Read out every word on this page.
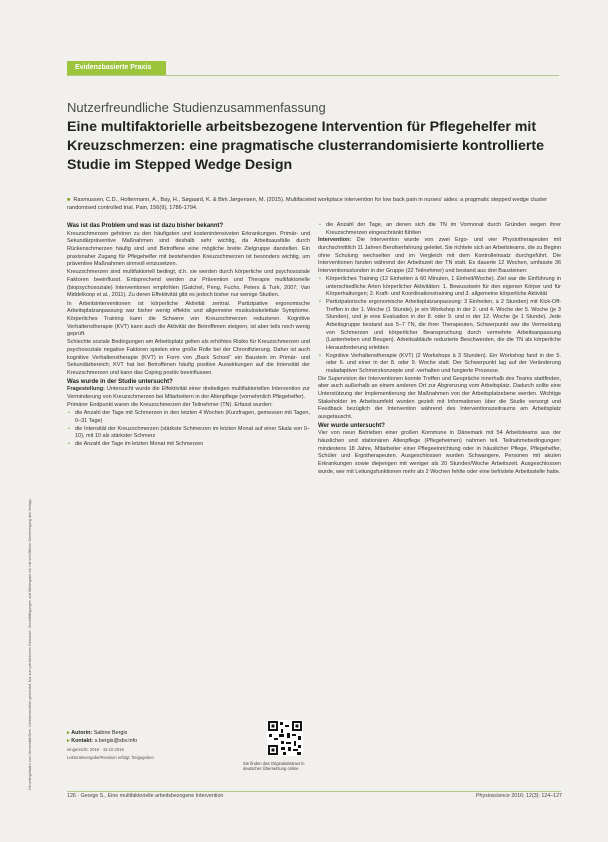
Heruntergeladen von: Universität Bern. Urheberrechtlich geschützt. Nur zum persönlichen Gebrauch. Vervielfältigungen und Weitergabe nur mit schriftlicher Genehmigung des Verlags.
Evidenzbasierte Praxis
Nutzerfreundliche Studienzusammenfassung
Eine multifaktorielle arbeitsbezogene Intervention für Pflegehelfer mit Kreuzschmerzen: eine pragmatische clusterrandomisierte kontrollierte Studie im Stepped Wedge Design
■ Rasmussen, C.D., Holtermann, A., Bay, H., Søgaard, K. & Birk Jørgensen, M. (2015). Multifaceted workplace intervention for low back pain in nurses' aides: a pragmatic stepped wedge cluster randomised controlled trial. Pain, 156(9), 1786-1794.
Was ist das Problem und was ist dazu bisher bekannt?

Kreuzschmerzen gehören zu den häufigsten und kostenintensivsten Erkrankungen. Primär- und Sekundärpräventive Maßnahmen sind deshalb sehr wichtig, da Arbeitsausfälle durch Rückenschmerzen häufig sind und Betroffene eine mögliche breite Zielgruppe darstellen. Ein praxisnaher Zugang für Pflegehelfer mit bestehenden Kreuzschmerzen ist besonders wichtig, um präventive Maßnahmen sinnvoll einzusetzen.

Kreuzschmerzen sind multifaktoriell bedingt, d.h. sie werden durch körperliche und psychosoziale Faktoren beeinflusst. Entsprechend werden zur Prävention und Therapie multifaktorielle (biopsychosoziale) Interventionen empfohlen (Gatchel, Peng, Fuchs, Peters & Turk, 2007; Van Middelkoop et al., 2011). Zu deren Effektivität gibt es jedoch bisher nur wenige Studien.

In Arbeitsinterventionen ist körperliche Aktivität zentral. Partizipative ergonomische Arbeitsplatzanpassung war bisher wenig effektiv und allgemeine muskuloskelettale Symptome. Körperliches Training kann die Schwere von Kreuzschmerzen reduzieren. Kognitive Verhaltenstherapie (KVT) kann auch die Aktivität der Betroffenen steigern, ist aber teils noch wenig geprüft.

Schlechte soziale Bedingungen am Arbeitsplatz gelten als erhöhtes Risiko für Kreuzschmerzen und psychosoziale negative Faktoren spielen eine große Rolle bei der Chronifizierung. Daher ist auch kognitive Verhaltenstherapie (KVT) in Form von „Back School“ ein Baustein im Primär- und Sekundärbereich; KVT hat bei Betroffenen häufig positive Auswirkungen auf die Intensität der Kreuzschmerzen und kann das Coping positiv beeinflussen.

Was wurde in der Studie untersucht?

Fragestellung: Untersucht wurde die Effektivität einer dreiteiligen multifaktoriellen Intervention zur Verminderung von Kreuzschmerzen bei Mitarbeitern in der Altenpflege (vornehmlich Pflegehelfer).

Primärer Endpunkt waren die Kreuzschmerzen der Teilnehmer (TN). Erfasst wurden:

• die Anzahl der Tage mit Schmerzen in den letzten 4 Wochen (Kurzfragen, gemessen mit Tagen, 0–31 Tage)
• die Intensität der Kreuzschmerzen (stärkste Schmerzen im letzten Monat auf einer Skala von 0–10), mit 10 als stärkster Schmerz
• die Anzahl der Tage im letzten Monat mit Schmerzen
• die Anzahl der Tage, an denen sich die TN im Vormonat durch Gründen wegen ihrer Kreuzschmerzen eingeschränkt fühlten

Intervention: Die Intervention wurde von zwei Ergo- und vier Physiotherapeuten mit durchschnittlich 11 Jahren Berufserfahrung geleitet. Sie richtete sich an Arbeitsteams, die zu Beginn ohne Schulung wechselten und im Vergleich mit dem Kontrolleinsatz durchgeführt. Die Interventionen fanden während der Arbeitszeit der TN statt. Es dauerte 12 Wochen, umfasste 36 Interventionsstunden in der Gruppe (22 Teilnehmer) und bestand aus drei Bausteinen:

• Körperliches Training (12 Einheiten à 60 Minuten, 1 Einheit/Woche). Ziel war die Einführung in unterschiedliche Arten körperlicher Aktivitäten: 1. Bewusstsein für den eigenen Körper und für Körperhaltungen; 2. Kraft- und Koordinationstraining und 3. allgemeine körperliche Aktivität
• Partizipatorische ergonomische Arbeitsplatzanpassung: 3 Einheiten, à 2 Stunden) mit Kick-Off-Treffen in der 1. Woche (1 Stunde), je ein Workshop in der 2. und 4. Woche der 5. Woche (je 3 Stunden), und je eine Evaluation in der 8. oder 9. und in der 12. Woche (je 1 Stunde). Jede Arbeitsgruppe bestand aus 5–7 TN, die ihrer Therapeuten, Schwerpunkt war die Vermeidung von Schmerzen und körperlicher Beanspruchung durch vermehrte Arbeitsanpassung (Lastenheben und Beugen). Arbeitsabläufe reduzierte Beschwerden, die die TN als körperliche Herausforderung erlebten
• Kognitive Verhaltenstherapie (KVT) (2 Workshops à 3 Stunden). Ein Workshop fand in der 5. oder 6. und einer in der 8. oder 9. Woche statt. Der Schwerpunkt lag auf der Veränderung maladaptiver Schmerzkonzepte und -verhalten und fungierte Prozesse.

Die Supervision der Interventionen konnte Treffen und Gespräche innerhalb des Teams stattfinden, aber auch außerhalb an einem anderen Ort zur Abgrenzung vom Arbeitsplatz. Dadurch sollte eine Unterstützung der Implementierung der Maßnahmen von der Arbeitsplatzebene werden. Wichtige Stakeholder im Arbeitsumfeld wurden gezielt mit Informationen über die Studie versorgt und Feedback bezüglich der Intervention während des Interventionszeitraums am Arbeitsplatz ausgetauscht.

Wer wurde untersucht?

Vier von neun Betrieben einer großen Kommune in Dänemark mit 54 Arbeitsteams aus der häuslichen und stationären Altenpflege (Pflegeheimen) nahmen teil. Teilnahmebedingungen: mindestens 18 Jahre, Mitarbeiter einer Pflegeeinrichtung oder in häuslicher Pflege, Pflegehelfer, Schüler und Ergotherapeuten. Ausgeschlossen wurden Schwangere, Personen mit akuten Erkrankungen sowie diejenigen mit weniger als 20 Stunden/Woche Arbeitszeit. Ausgeschlossen wurde, wer mit Leitungsfunktionen mehr als 2 Wochen fehlte oder eine befristete Arbeitsstelle hatte.

▸ Autorin: Sabine Bergis
▸ Kontakt: s.bergis@sbv.info
eingereicht: 2016 · 15.10.2016
Lektoratsvergabe/Revision erfolgt: freigegeben
Sie finden das Originalabstract in deutscher Übersetzung online
126 · George S., Eine multifaktorielle arbeitsbezogene Intervention	Physioscience 2016; 12(3): 124–127
